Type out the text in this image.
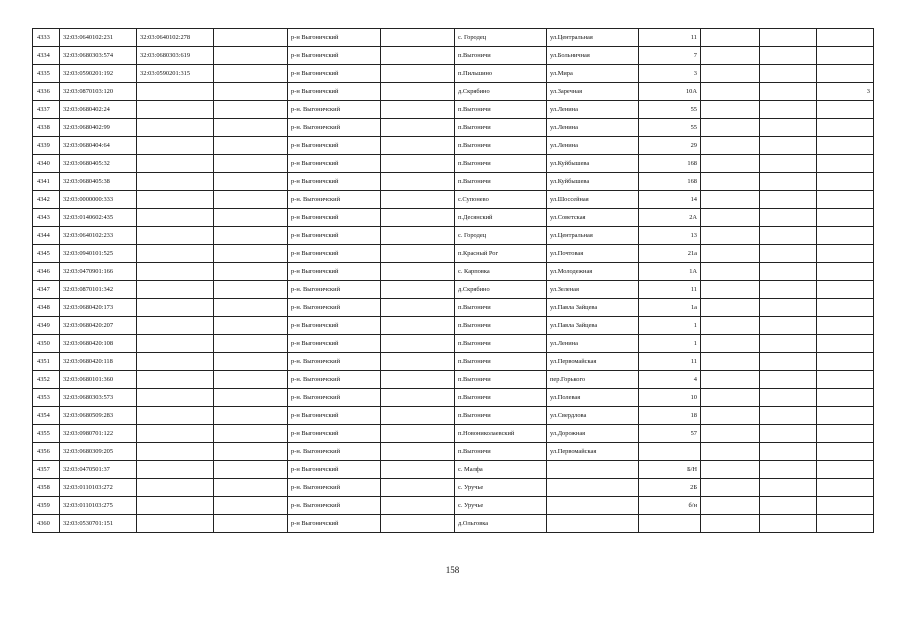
4333	32:03:0640102:231	32:03:0640102:278		р-н Выгоничский		с. Городец	ул.Центральная	11			
4334	32:03:0680303:574	32:03:0680303:619		р-н Выгоничский		п.Выгоничи	ул.Больничная	7			
4335	32:03:0590201:192	32:03:0590201:315		р-н Выгоничский		п.Пильшино	ул.Мира	3			
4336	32:03:0870103:120			р-н Выгоничский		д.Скрябино	ул.Заречная	10А			3
4337	32:03:0680402:24			р-н. Выгоничский		п.Выгоничи	ул.Ленина	55			
4338	32:03:0680402:99			р-н. Выгоничский		п.Выгоничи	ул.Ленина	55			
4339	32:03:0680404:64			р-н Выгоничский		п.Выгоничи	ул.Ленина	29			
4340	32:03:0680405:32			р-н Выгоничский		п.Выгоничи	ул.Куйбышева	168			
4341	32:03:0680405:38			р-н Выгоничский		п.Выгоничи	ул.Куйбышева	168			
4342	32:03:0000000:333			р-н. Выгоничский		с.Супонево	ул.Шоссейная	14			
4343	32:03:0140602:435			р-н Выгоничский		п.Десянский	ул.Советская	2А			
4344	32:03:0640102:233			р-н Выгоничский		с. Городец	ул.Центральная	13			
4345	32:03:0940101:525			р-н Выгоничский		п.Красный Рог	ул.Почтовая	21а			
4346	32:03:0470901:166			р-н Выгоничский		с. Карповка	ул.Молодежная	1А			
4347	32:03:0870101:342			р-н. Выгоничский		д.Скрябино	ул.Зеленая	11			
4348	32:03:0680420:173			р-н. Выгоничский		п.Выгоничи	ул.Павла Зайцева	1а			
4349	32:03:0680420:207			р-н Выгоничский		п.Выгоничи	ул.Павла Зайцева	1			
4350	32:03:0680420:108			р-н Выгоничский		п.Выгоничи	ул.Ленина	1			
4351	32:03:0680420:118			р-н. Выгоничский		п.Выгоничи	ул.Первомайская	11			
4352	32:03:0680101:360			р-н. Выгоничский		п.Выгоничи	пер.Горького	4			
4353	32:03:0680303:573			р-н. Выгоничский		п.Выгоничи	ул.Полевая	10			
4354	32:03:0680509:283			р-н Выгоничский		п.Выгоничи	ул.Свердлова	18			
4355	32:03:0980701:122			р-н Выгоничский		п.Новониколаевский	ул.Дорожная	57			
4356	32:03:0680309:205			р-н. Выгоничский		п.Выгоничи	ул.Первомайская				
4357	32:03:0470501:37			р-н Выгоничский		с. Малфа		Б/Н			
4358	32:03:0110103:272			р-н. Выгоничский		с. Уручье		2Б			
4359	32:03:0110103:275			р-н. Выгоничский		с. Уручье		б/н			
4360	32:03:0530701:151			р-н Выгоничский		д.Ольговка					
158
